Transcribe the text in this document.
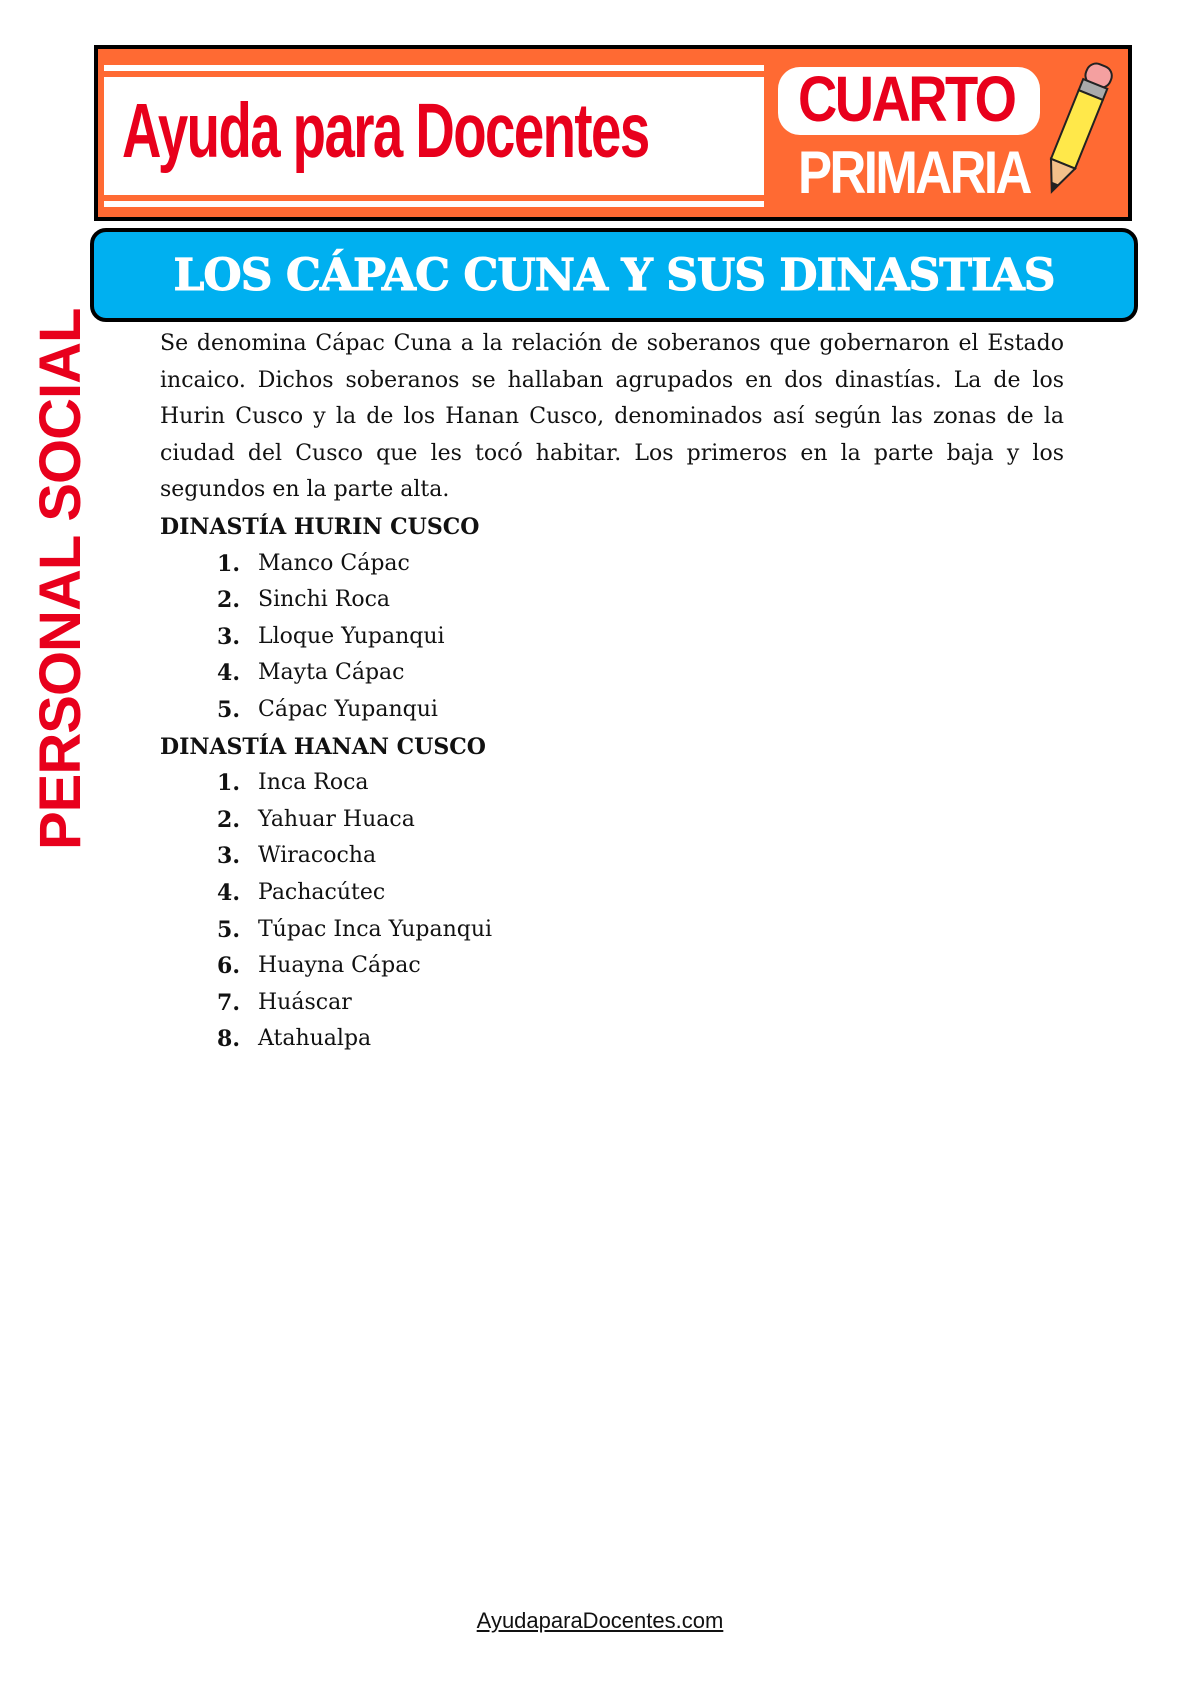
Ayuda para Docentes CUARTO
PRIMARIA
LOS CÁPAC CUNA Y SUS DINASTIAS
PERSONAL SOCIAL	Se denomina Cápac Cuna a la relación de soberanos que gobernaron el Estado incaico. Dichos soberanos se hallaban agrupados en dos dinastías. La de los Hurin Cusco y la de los Hanan Cusco, denominados así según las zonas de la ciudad del Cusco que les tocó habitar. Los primeros en la parte baja y los segundos en la parte alta.

DINASTÍA HURIN CUSCO

1. Manco Cápac
2. Sinchi Roca
3. Lloque Yupanqui
4. Mayta Cápac
5. Cápac Yupanqui

DINASTÍA HANAN CUSCO

1. Inca Roca
2. Yahuar Huaca
3. Wiracocha
4. Pachacútec
5. Túpac Inca Yupanqui
6. Huayna Cápac
7. Huáscar
8. Atahualpa
AyudaparaDocentes.com
